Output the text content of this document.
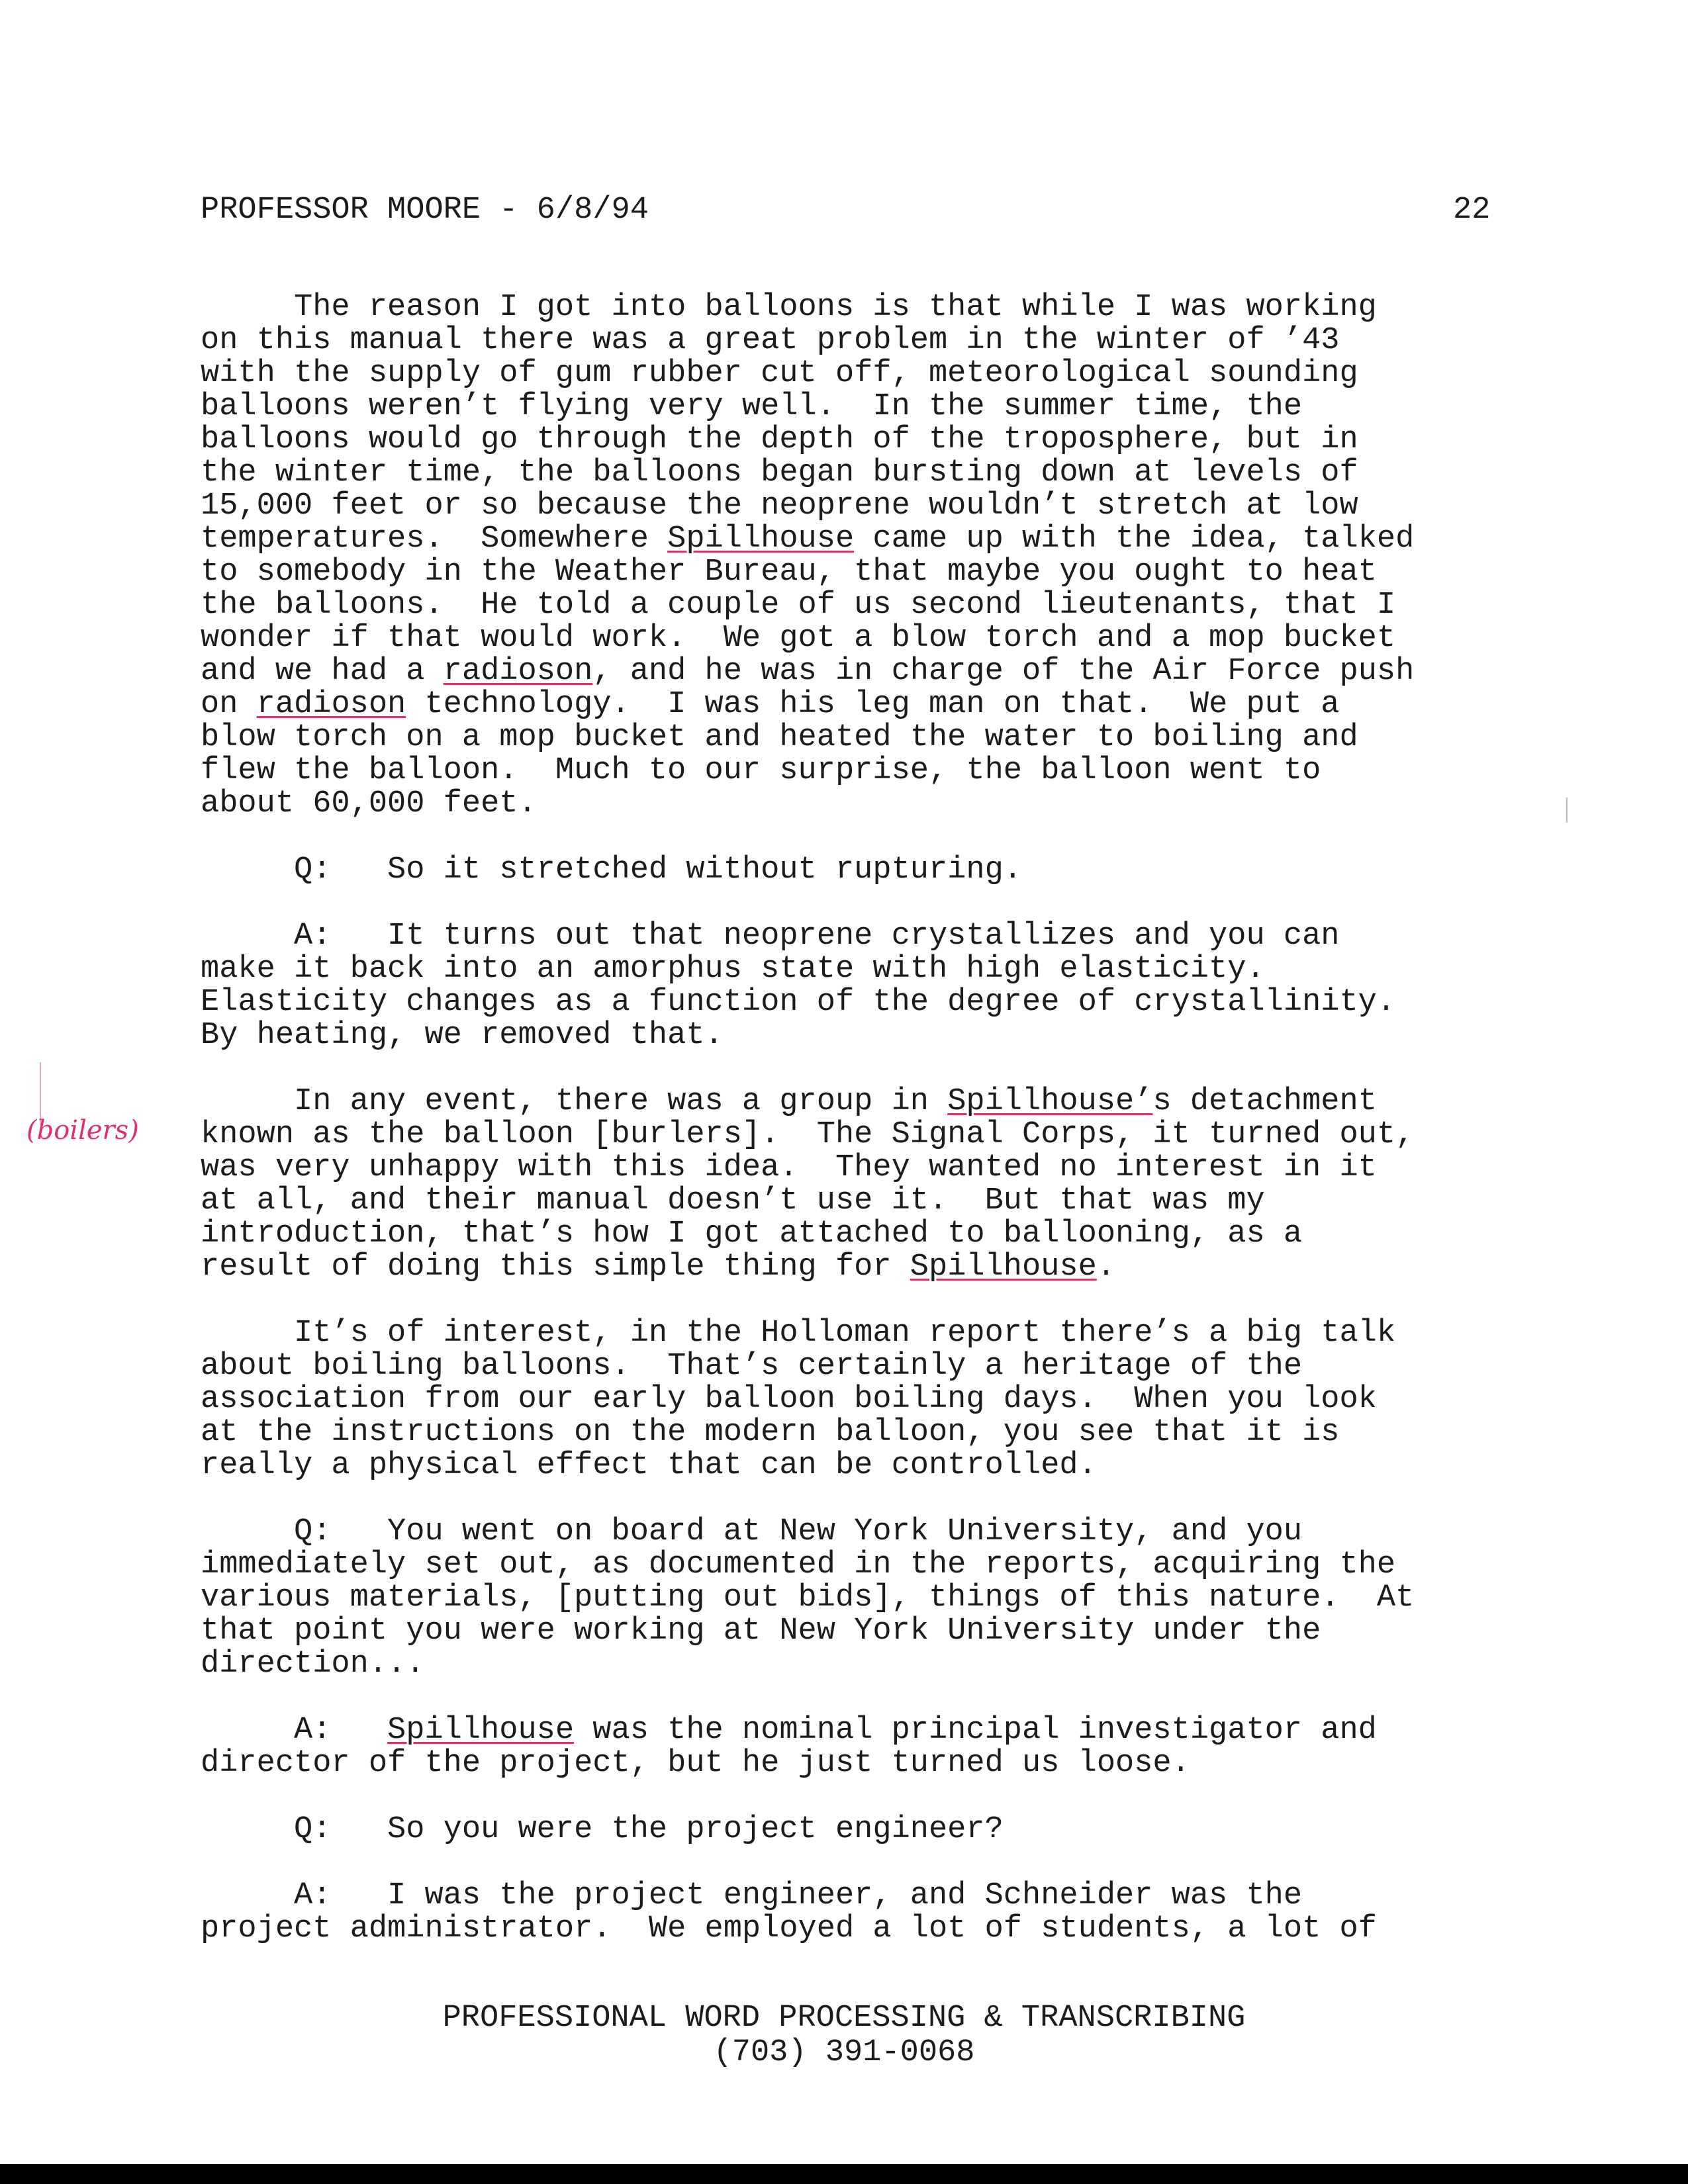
PROFESSOR MOORE - 6/8/94	22
(boilers)
The reason I got into balloons is that while I was working
on this manual there was a great problem in the winter of ’43
with the supply of gum rubber cut off, meteorological sounding
balloons weren’t flying very well.  In the summer time, the
balloons would go through the depth of the troposphere, but in
the winter time, the balloons began bursting down at levels of
15,000 feet or so because the neoprene wouldn’t stretch at low
temperatures.  Somewhere Spillhouse came up with the idea, talked
to somebody in the Weather Bureau, that maybe you ought to heat
the balloons.  He told a couple of us second lieutenants, that I
wonder if that would work.  We got a blow torch and a mop bucket
and we had a radioson, and he was in charge of the Air Force push
on radioson technology.  I was his leg man on that.  We put a
blow torch on a mop bucket and heated the water to boiling and
flew the balloon.  Much to our surprise, the balloon went to
about 60,000 feet.
Q:   So it stretched without rupturing.
A:   It turns out that neoprene crystallizes and you can
make it back into an amorphus state with high elasticity.
Elasticity changes as a function of the degree of crystallinity.
By heating, we removed that.
In any event, there was a group in Spillhouse’s detachment
known as the balloon [burlers].  The Signal Corps, it turned out,
was very unhappy with this idea.  They wanted no interest in it
at all, and their manual doesn’t use it.  But that was my
introduction, that’s how I got attached to ballooning, as a
result of doing this simple thing for Spillhouse.
It’s of interest, in the Holloman report there’s a big talk
about boiling balloons.  That’s certainly a heritage of the
association from our early balloon boiling days.  When you look
at the instructions on the modern balloon, you see that it is
really a physical effect that can be controlled.
Q:   You went on board at New York University, and you
immediately set out, as documented in the reports, acquiring the
various materials, [putting out bids], things of this nature.  At
that point you were working at New York University under the
direction...
A:   Spillhouse was the nominal principal investigator and
director of the project, but he just turned us loose.
Q:   So you were the project engineer?
A:   I was the project engineer, and Schneider was the
project administrator.  We employed a lot of students, a lot of
PROFESSIONAL WORD PROCESSING & TRANSCRIBING
(703) 391-0068
